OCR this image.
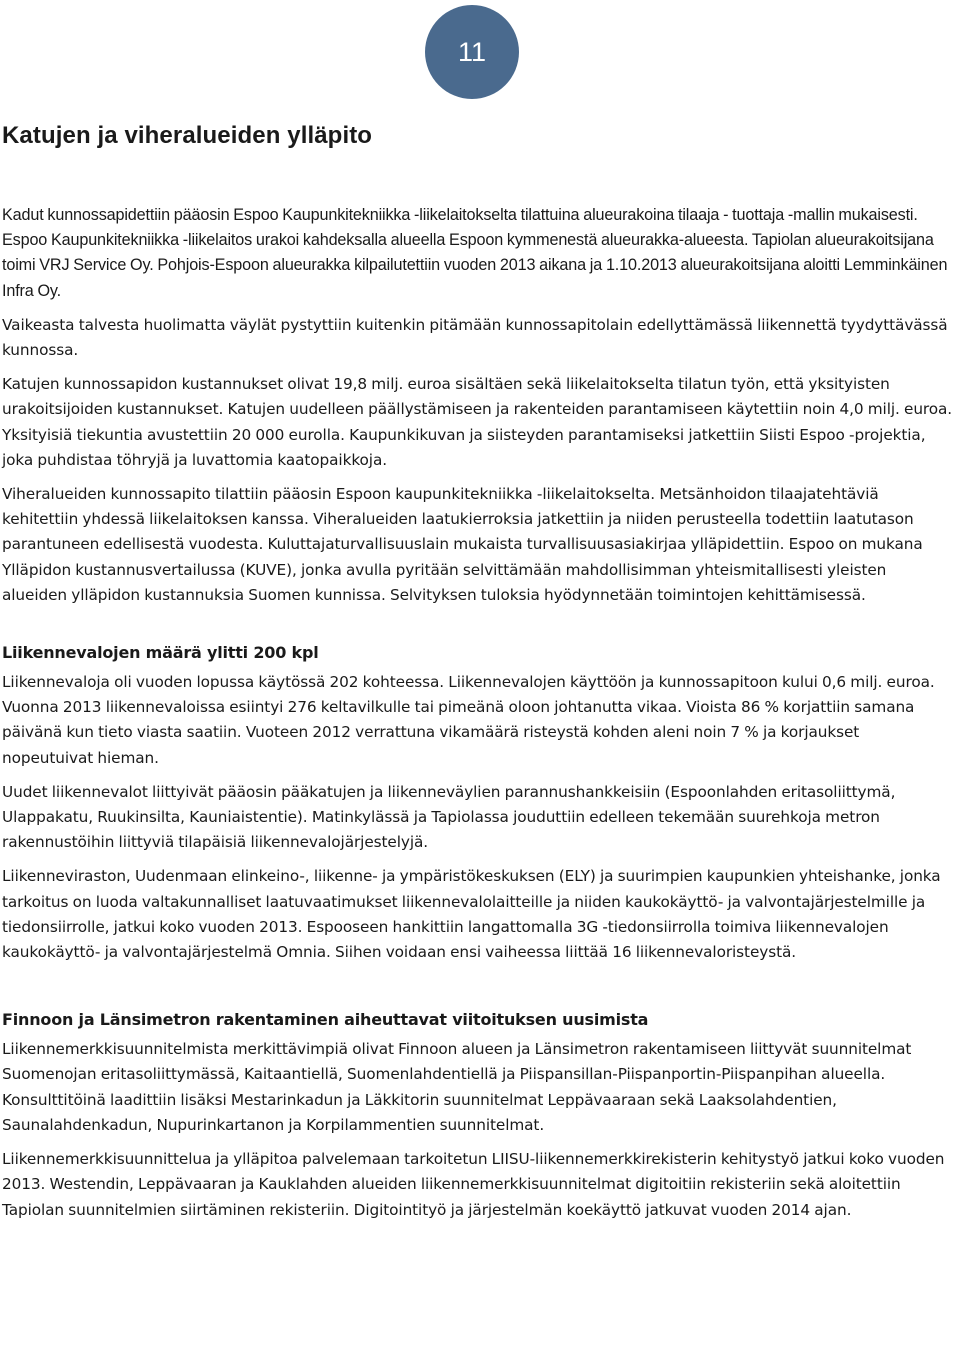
11
Katujen ja viheralueiden ylläpito

Kadut kunnossapidettiin pääosin Espoo Kaupunkitekniikka -liikelaitokselta tilattuina alueurakoina tilaaja - tuottaja -mallin mukaisesti. Espoo Kaupunkitekniikka -liikelaitos urakoi kahdeksalla alueella Espoon kymmenestä alueurakka-alueesta. Tapiolan alueurakoitsijana toimi VRJ Service Oy. Pohjois-Espoon alueurakka kilpailutettiin vuoden 2013 aikana ja 1.10.2013 alueurakoitsijana aloitti Lemminkäinen Infra Oy.

Vaikeasta talvesta huolimatta väylät pystyttiin kuitenkin pitämään kunnossapitolain edellyttämässä liikennettä tyydyttävässä kunnossa.

Katujen kunnossapidon kustannukset olivat 19,8 milj. euroa sisältäen sekä liikelaitokselta tilatun työn, että yksityisten urakoitsijoiden kustannukset. Katujen uudelleen päällystämiseen ja rakenteiden parantamiseen käytettiin noin 4,0 milj. euroa. Yksityisiä tiekuntia avustettiin 20 000 eurolla. Kaupunkikuvan ja siisteyden parantamiseksi jatkettiin Siisti Espoo -projektia, joka puhdistaa töhryjä ja luvattomia kaatopaikkoja.

Viheralueiden kunnossapito tilattiin pääosin Espoon kaupunkitekniikka -liikelaitokselta. Metsänhoidon tilaajatehtäviä kehitettiin yhdessä liikelaitoksen kanssa. Viheralueiden laatukierroksia jatkettiin ja niiden perusteella todettiin laatutason parantuneen edellisestä vuodesta. Kuluttajaturvallisuuslain mukaista turvallisuusasiakirjaa ylläpidettiin. Espoo on mukana Ylläpidon kustannusvertailussa (KUVE), jonka avulla pyritään selvittämään mahdollisimman yhteismitallisesti yleisten alueiden ylläpidon kustannuksia Suomen kunnissa. Selvityksen tuloksia hyödynnetään toimintojen kehittämisessä.

Liikennevalojen määrä ylitti 200 kpl

Liikennevaloja oli vuoden lopussa käytössä 202 kohteessa. Liikennevalojen käyttöön ja kunnossapitoon kului 0,6 milj. euroa. Vuonna 2013 liikennevaloissa esiintyi 276 keltavilkulle tai pimeänä oloon johtanutta vikaa. Vioista 86 % korjattiin samana päivänä kun tieto viasta saatiin. Vuoteen 2012 verrattuna vikamäärä risteystä kohden aleni noin 7 % ja korjaukset nopeutuivat hieman.

Uudet liikennevalot liittyivät pääosin pääkatujen ja liikenneväylien parannushankkeisiin (Espoonlahden eritasoliittymä, Ulappakatu, Ruukinsilta, Kauniaistentie). Matinkylässä ja Tapiolassa jouduttiin edelleen tekemään suurehkoja metron rakennustöihin liittyviä tilapäisiä liikennevalojärjestelyjä.

Liikenneviraston, Uudenmaan elinkeino-, liikenne- ja ympäristökeskuksen (ELY) ja suurimpien kaupunkien yhteishanke, jonka tarkoitus on luoda valtakunnalliset laatuvaatimukset liikennevalolaitteille ja niiden kaukokäyttö- ja valvontajärjestelmille ja tiedonsiirrolle, jatkui koko vuoden 2013. Espooseen hankittiin langattomalla 3G -tiedonsiirrolla toimiva liikennevalojen kaukokäyttö- ja valvontajärjestelmä Omnia. Siihen voidaan ensi vaiheessa liittää 16 liikennevaloristeystä.

Finnoon ja Länsimetron rakentaminen aiheuttavat viitoituksen uusimista

Liikennemerkkisuunnitelmista merkittävimpiä olivat Finnoon alueen ja Länsimetron rakentamiseen liittyvät suunnitelmat Suomenojan eritasoliittymässä, Kaitaantiellä, Suomenlahdentiellä ja Piispansillan-Piispanportin-Piispanpihan alueella. Konsulttitöinä laadittiin lisäksi Mestarinkadun ja Läkkitorin suunnitelmat Leppävaaraan sekä Laaksolahdentien, Saunalahdenkadun, Nupurinkartanon ja Korpilammentien suunnitelmat.

Liikennemerkkisuunnittelua ja ylläpitoa palvelemaan tarkoitetun LIISU-liikennemerkkirekisterin kehitystyö jatkui koko vuoden 2013. Westendin, Leppävaaran ja Kauklahden alueiden liikennemerkkisuunnitelmat digitoitiin rekisteriin sekä aloitettiin Tapiolan suunnitelmien siirtäminen rekisteriin. Digitointityö ja järjestelmän koekäyttö jatkuvat vuoden 2014 ajan.
